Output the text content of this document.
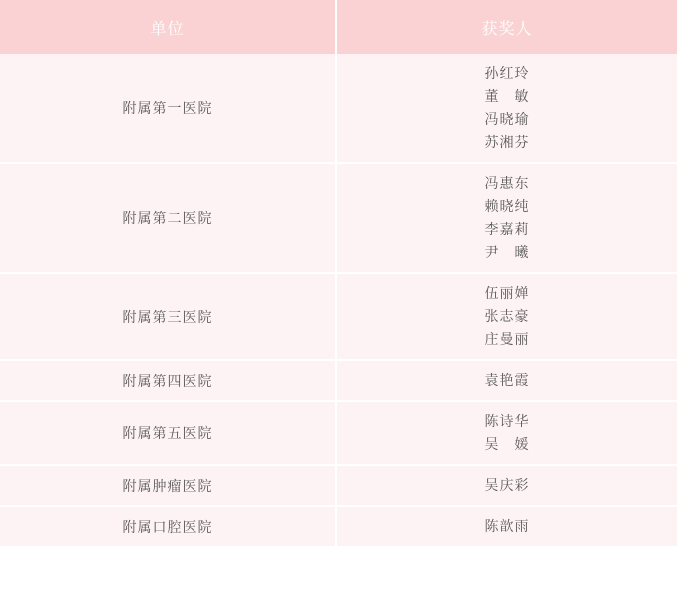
单位	获奖人
附属第一医院	孙红玲
董　敏
冯晓瑜
苏湘芬

附属第二医院	冯惠东
赖晓纯
李嘉莉
尹　曦

附属第三医院	伍丽婵
张志豪
庄曼丽

附属第四医院	袁艳霞

附属第五医院	陈诗华
吴　媛

附属肿瘤医院	吴庆彩

附属口腔医院	陈歆雨
